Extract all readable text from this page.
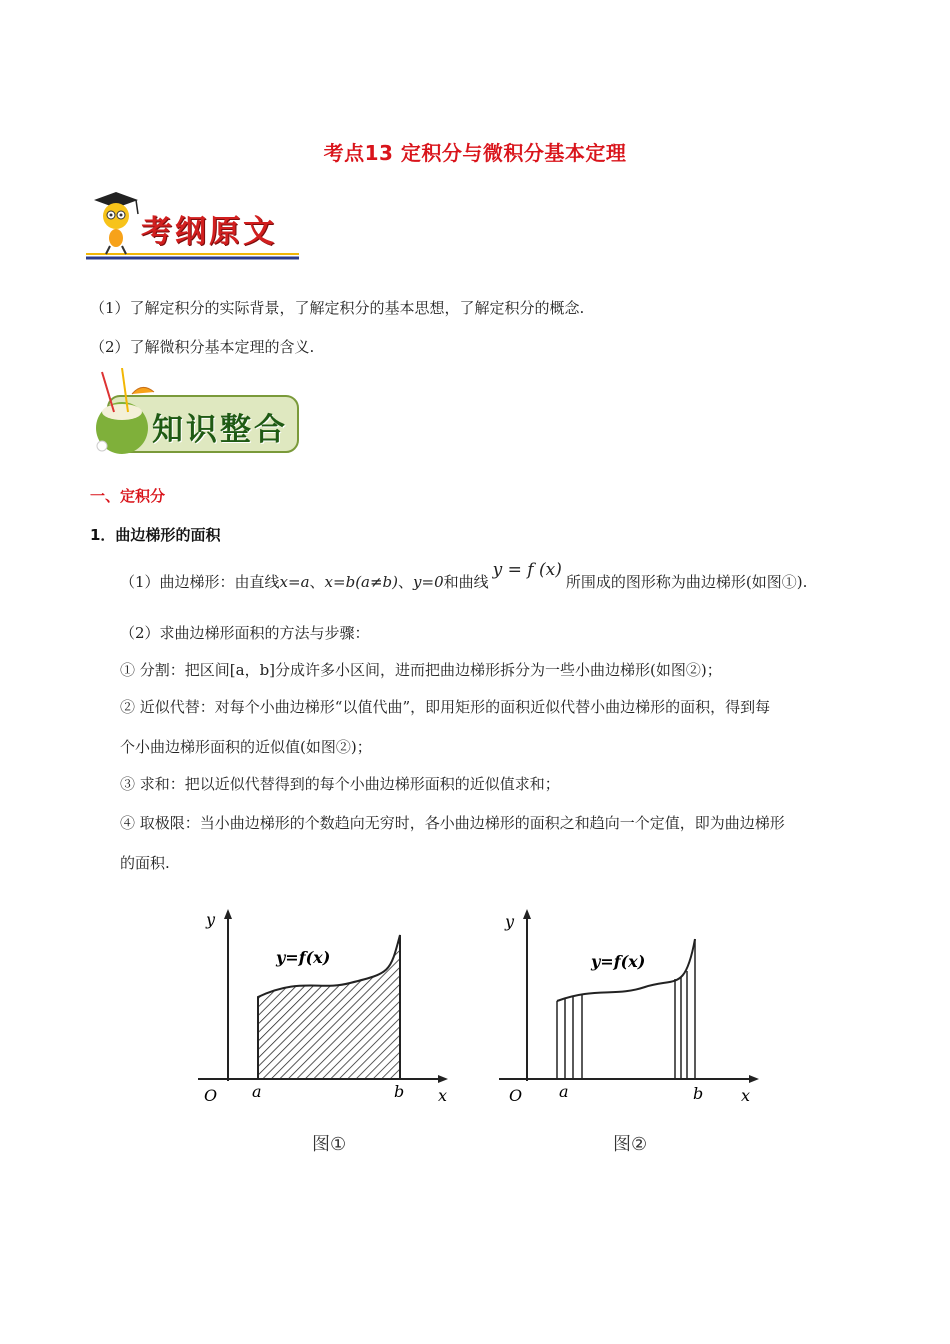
考点13 定积分与微积分基本定理
考纲原文
（1）了解定积分的实际背景，了解定积分的基本思想，了解定积分的概念.
（2）了解微积分基本定理的含义.
知识整合
一、定积分
1．曲边梯形的面积
（1）曲边梯形：由直线x=a、x=b(a≠b)、y=0和曲线y = f (x)所围成的图形称为曲边梯形(如图①).
（2）求曲边梯形面积的方法与步骤：
① 分割：把区间[a，b]分成许多小区间，进而把曲边梯形拆分为一些小曲边梯形(如图②)；
② 近似代替：对每个小曲边梯形“以值代曲”，即用矩形的面积近似代替小曲边梯形的面积，得到每
个小曲边梯形面积的近似值(如图②)；
③ 求和：把以近似代替得到的每个小曲边梯形面积的近似值求和；
④ 取极限：当小曲边梯形的个数趋向无穷时，各小曲边梯形的面积之和趋向一个定值，即为曲边梯形
的面积.
y
x
O a	b
y=f(x)
图①
y
x
O a	b
y=f(x)
图②
